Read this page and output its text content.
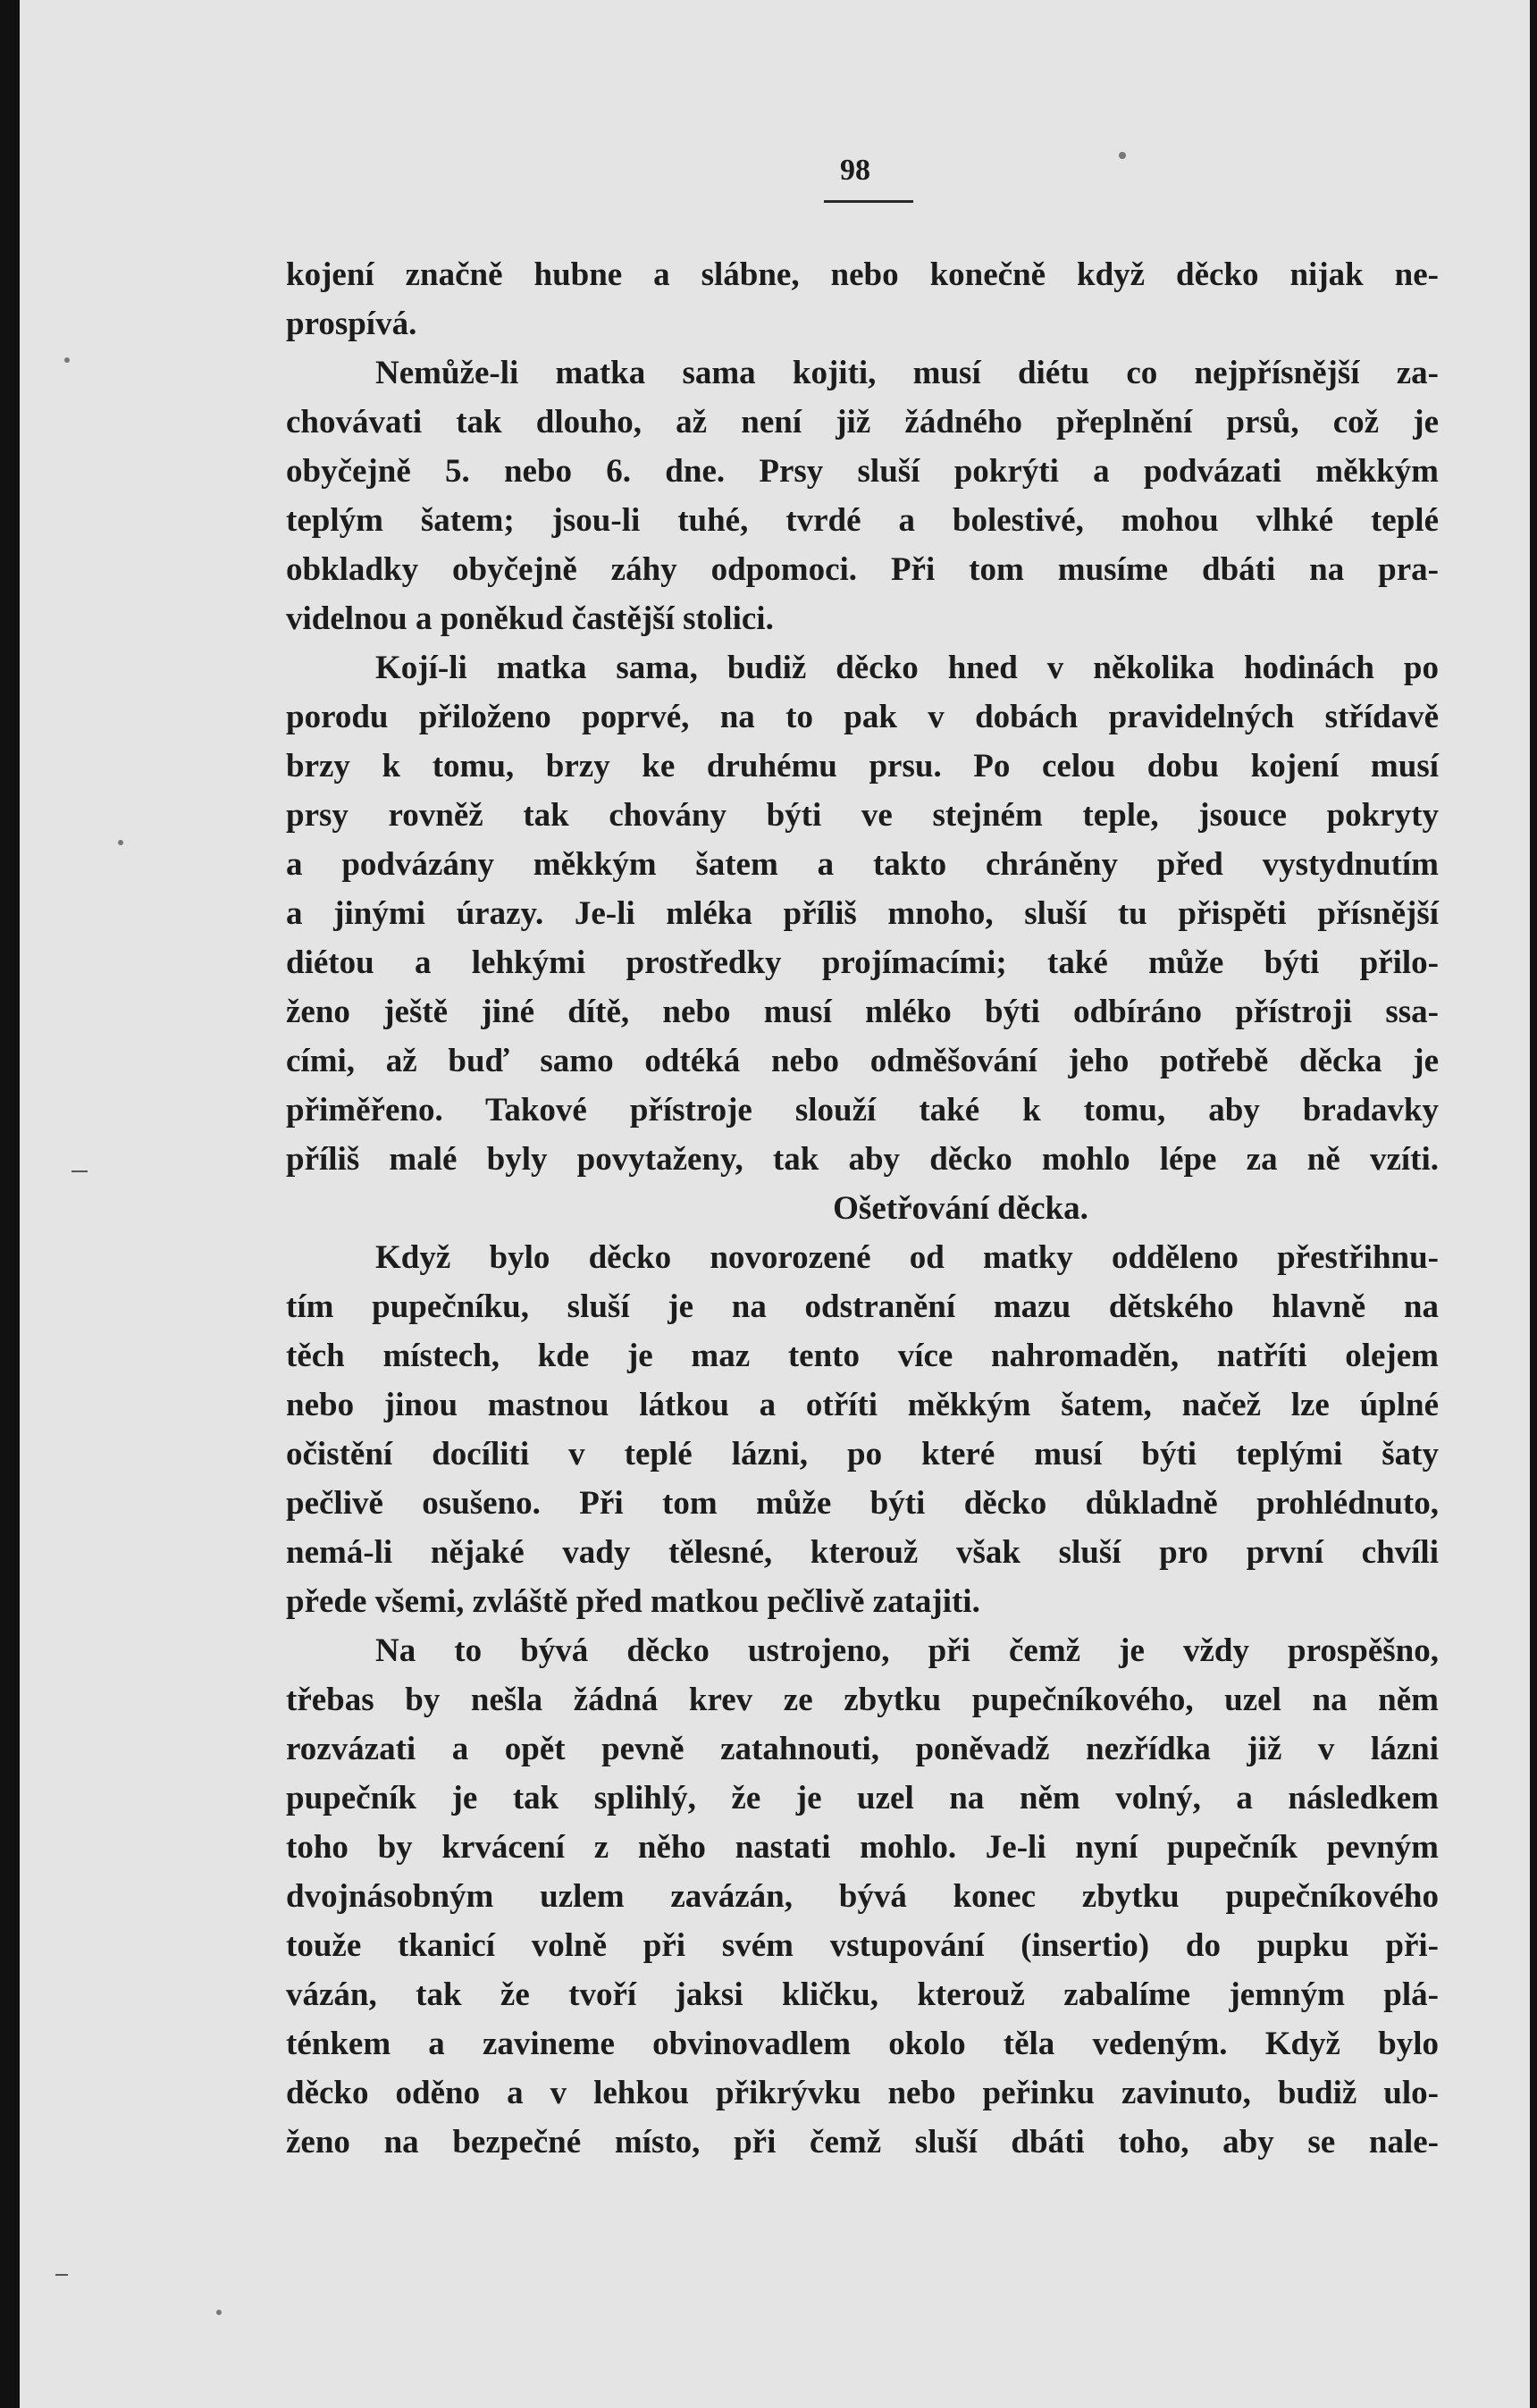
98
kojení značně hubne a slábne, nebo konečně když děcko nijak ne-
prospívá.
Nemůže-li matka sama kojiti, musí diétu co nejpřísnější za-
chovávati tak dlouho, až není již žádného přeplnění prsů, což je
obyčejně 5. nebo 6. dne. Prsy sluší pokrýti a podvázati měkkým
teplým šatem; jsou-li tuhé, tvrdé a bolestivé, mohou vlhké teplé
obkladky obyčejně záhy odpomoci. Při tom musíme dbáti na pra-
videlnou a poněkud častější stolici.
Kojí-li matka sama, budiž děcko hned v několika hodinách po
porodu přiloženo poprvé, na to pak v dobách pravidelných střídavě
brzy k tomu, brzy ke druhému prsu. Po celou dobu kojení musí
prsy rovněž tak chovány býti ve stejném teple, jsouce pokryty
a podvázány měkkým šatem a takto chráněny před vystydnutím
a jinými úrazy. Je-li mléka příliš mnoho, sluší tu přispěti přísnější
diétou a lehkými prostředky projímacími; také může býti přilo-
ženo ještě jiné dítě, nebo musí mléko býti odbíráno přístroji ssa-
cími, až buď samo odtéká nebo odměšování jeho potřebě děcka je
přiměřeno. Takové přístroje slouží také k tomu, aby bradavky
příliš malé byly povytaženy, tak aby děcko mohlo lépe za ně vzíti.
Ošetřování děcka.
Když bylo děcko novorozené od matky odděleno přestřihnu-
tím pupečníku, sluší je na odstranění mazu dětského hlavně na
těch místech, kde je maz tento více nahromaděn, natříti olejem
nebo jinou mastnou látkou a otříti měkkým šatem, načež lze úplné
očistění docíliti v teplé lázni, po které musí býti teplými šaty
pečlivě osušeno. Při tom může býti děcko důkladně prohlédnuto,
nemá-li nějaké vady tělesné, kterouž však sluší pro první chvíli
přede všemi, zvláště před matkou pečlivě zatajiti.
Na to bývá děcko ustrojeno, při čemž je vždy prospěšno,
třebas by nešla žádná krev ze zbytku pupečníkového, uzel na něm
rozvázati a opět pevně zatahnouti, poněvadž nezřídka již v lázni
pupečník je tak splihlý, že je uzel na něm volný, a následkem
toho by krvácení z něho nastati mohlo. Je-li nyní pupečník pevným
dvojnásobným uzlem zavázán, bývá konec zbytku pupečníkového
touže tkanicí volně při svém vstupování (insertio) do pupku při-
vázán, tak že tvoří jaksi kličku, kterouž zabalíme jemným plá-
ténkem a zavineme obvinovadlem okolo těla vedeným. Když bylo
děcko oděno a v lehkou přikrývku nebo peřinku zavinuto, budiž ulo-
ženo na bezpečné místo, při čemž sluší dbáti toho, aby se nale-
